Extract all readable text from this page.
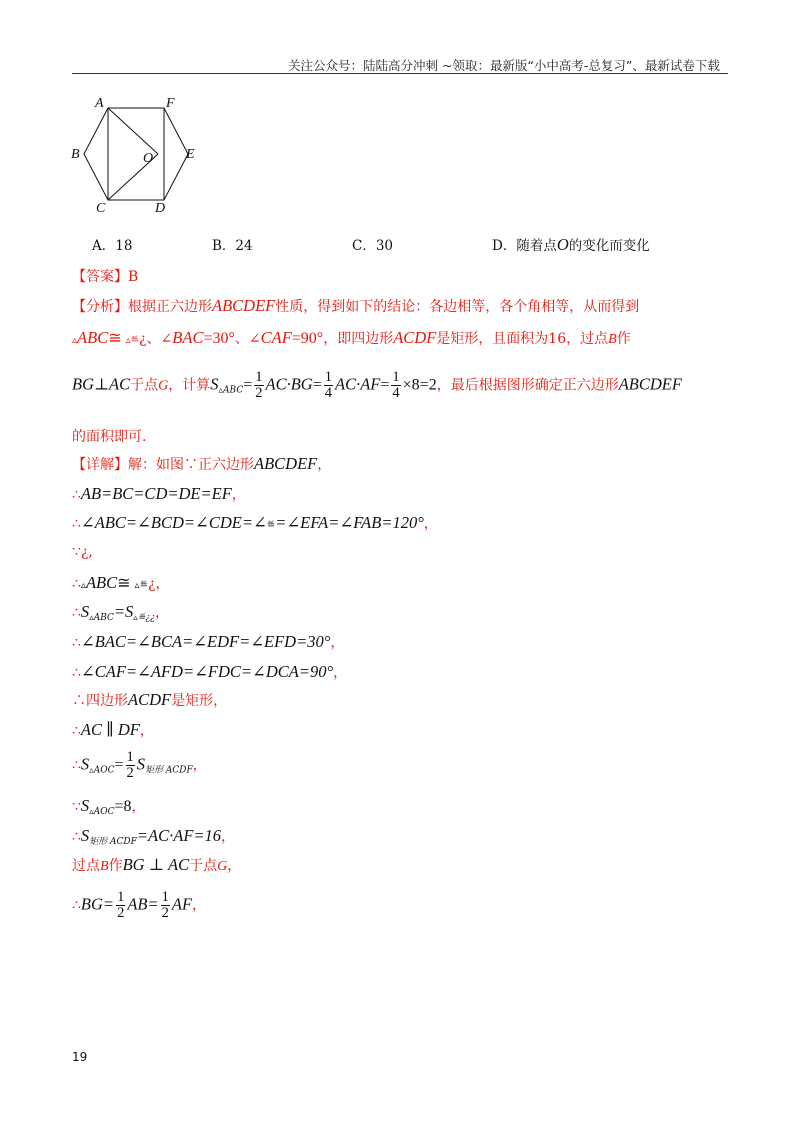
关注公众号：陆陆高分冲刺 ~领取：最新版“小中高考-总复习”、最新试卷下载
A	F
B	E
O
C	D
A．18	B．24	C．30	D．随着点O的变化而变化
【答案】B
【分析】根据正六边形ABCDEF性质，得到如下的结论：各边相等，各个角相等，从而得到
▵ABC≅ ▵≝¿、∠BAC=30°、∠CAF=90°，即四边形ACDF是矩形，且面积为16，过点B作
BG⊥AC于点G，计算$S_{▵ABC}= \frac{1}{2} AC\cdot BG= \frac{1}{4} AC\cdot AF= \frac{1}{4} \times 8=2$，最后根据图形确定正六边形ABCDEF
的面积即可.
【详解】解：如图∵正六边形ABCDEF，
∴AB=BC=CD=DE=EF，
∴∠ABC=∠BCD=∠CDE=∠≝=∠EFA=∠FAB=120°，
∵¿,
∴▵ABC≅ ▵≝¿，
$\therefore S_{▵ABC}=S_{▵≝¿¿}$，
∴∠BAC=∠BCA=∠EDF=∠EFD=30°，
∴∠CAF=∠AFD=∠FDC=∠DCA=90°，
∴四边形ACDF是矩形，
∴AC ∥ DF，
$\therefore S_{▵AOC}= \frac{1}{2} S_{矩形 ACDF}$，
$\because S_{▵AOC}=8$，
$\therefore S_{矩形 ACDF}=AC\cdot AF=16$，
过点B作BG ⊥ AC于点G，
∴BG= $\frac{1}{2} AB= \frac{1}{2}$ AF，
19
